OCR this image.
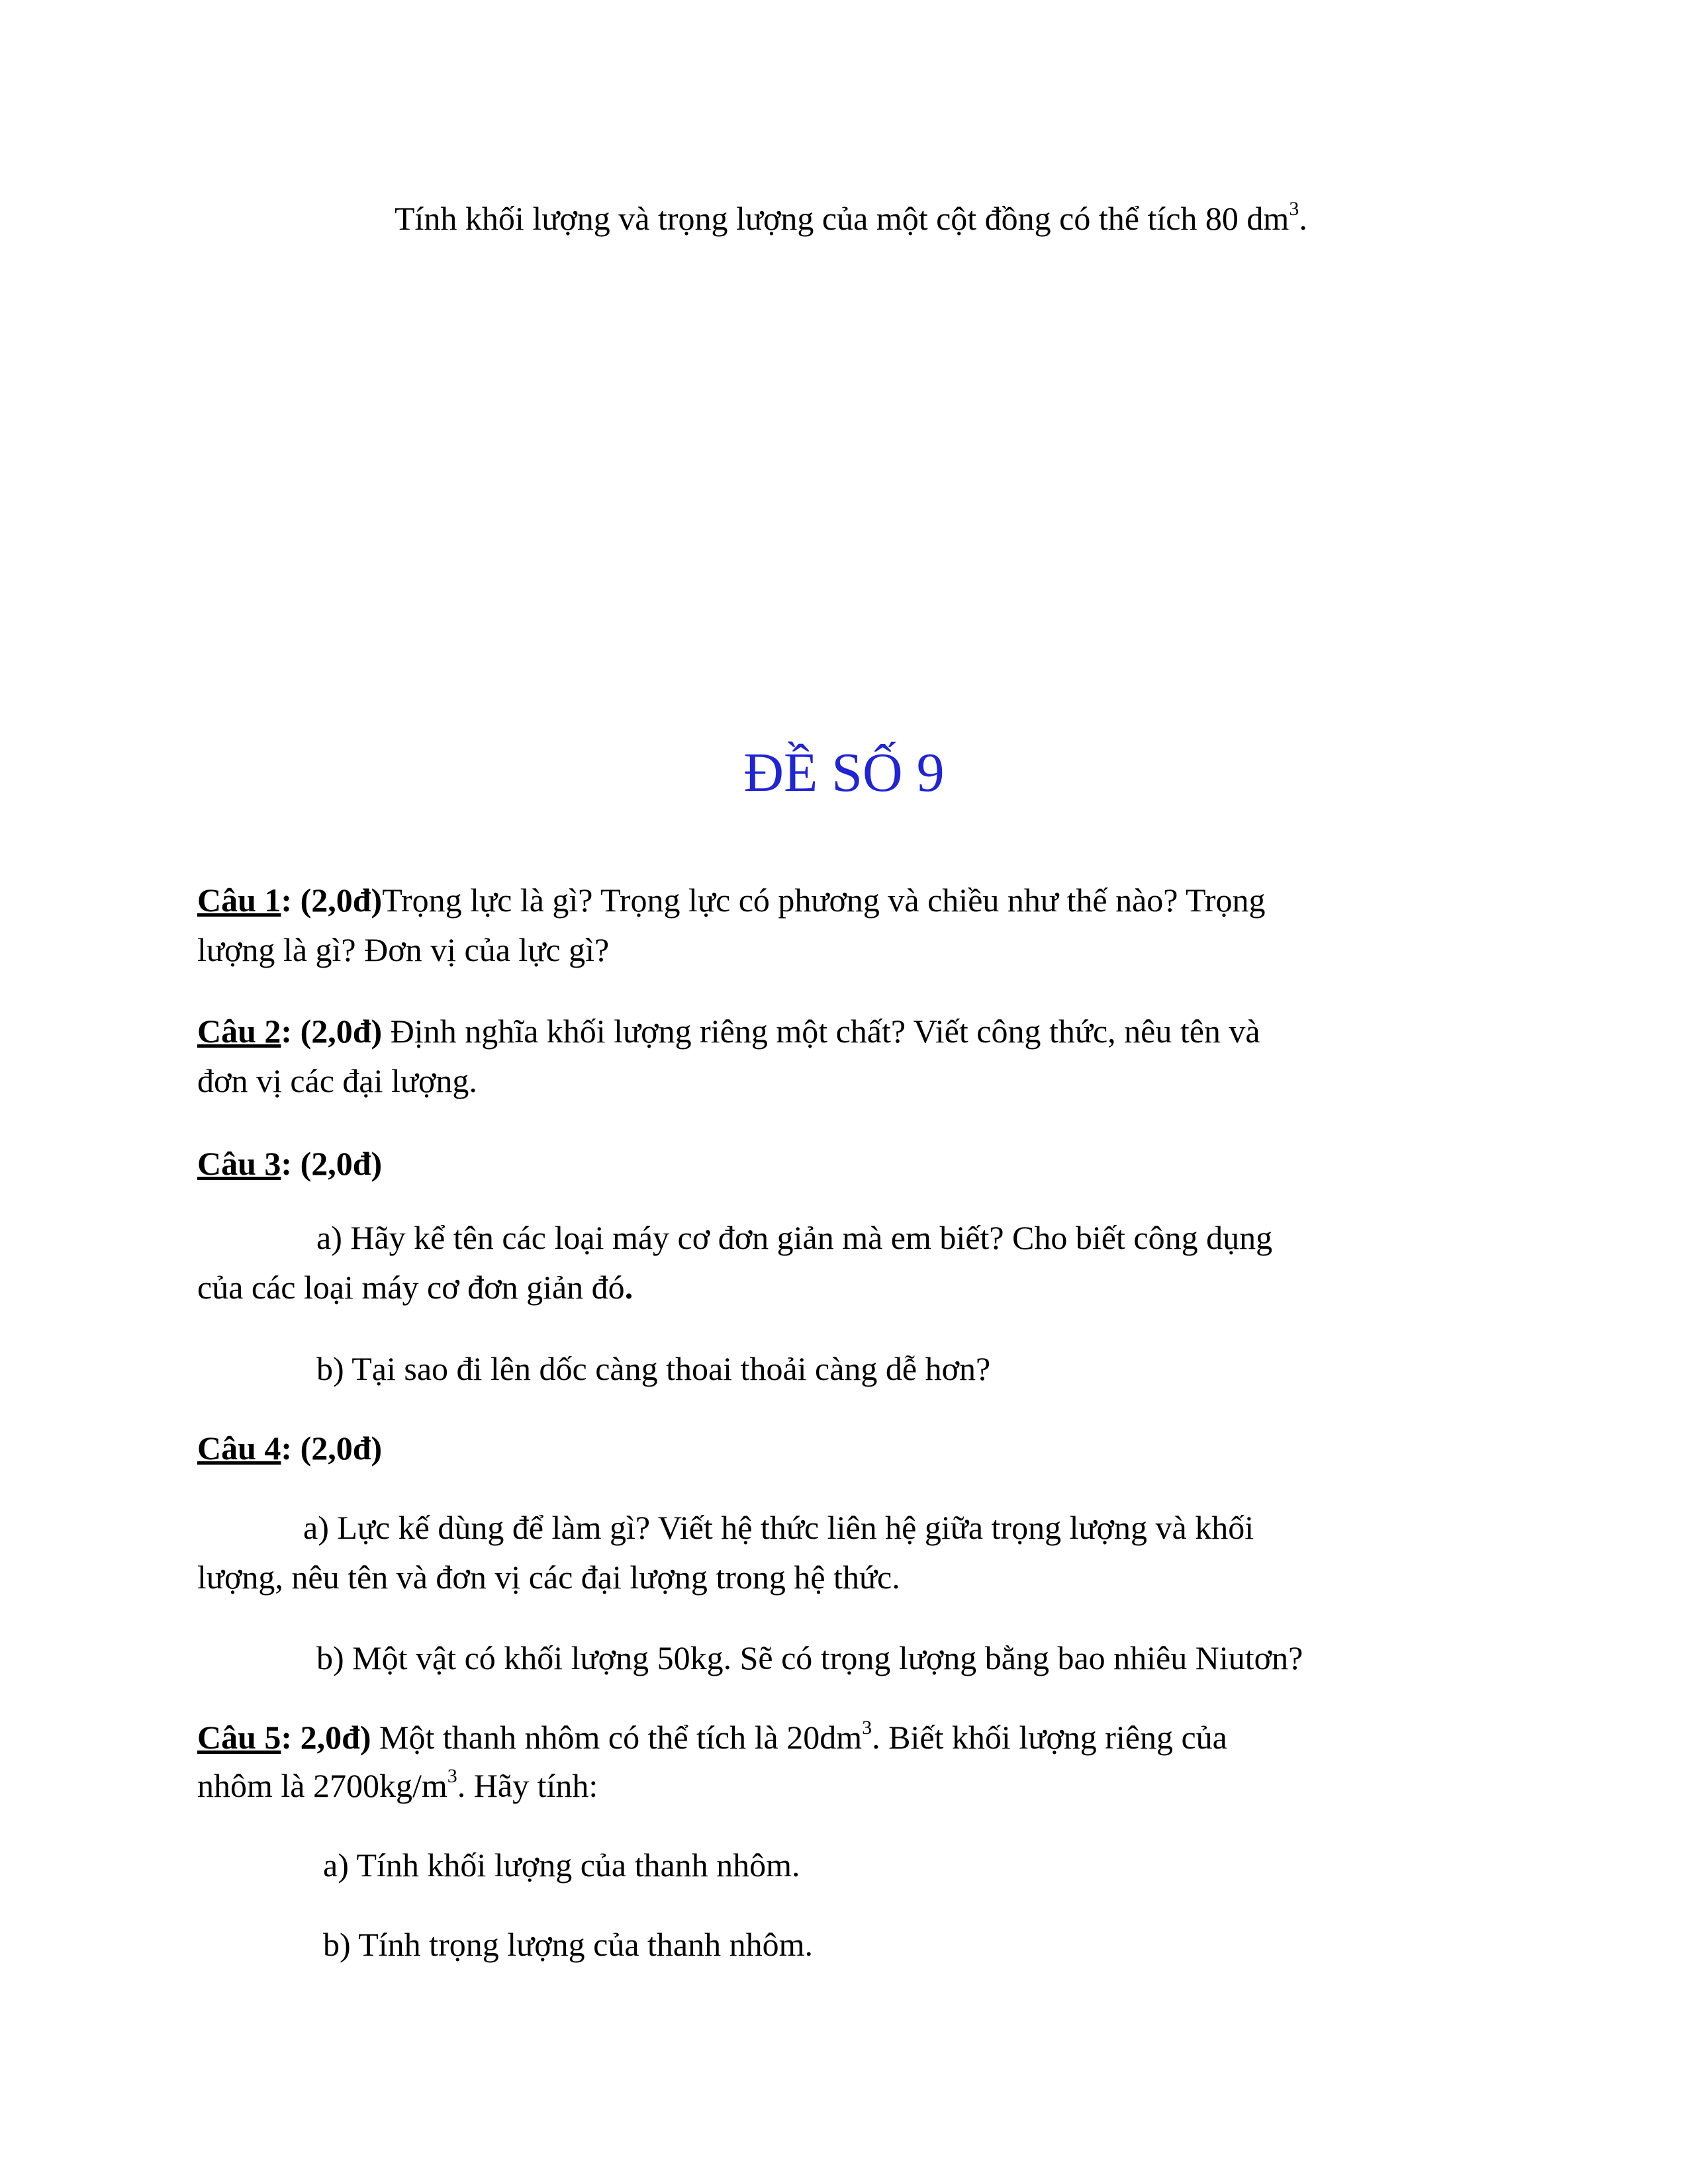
Tính khối lượng và trọng lượng của một cột đồng có thể tích 80 $dm^3$.
ĐỀ SỐ 9
Câu 1: (2,0đ)Trọng lực là gì? Trọng lực có phương và chiều như thế nào? Trọng
lượng là gì? Đơn vị của lực gì?
Câu 2: (2,0đ) Định nghĩa khối lượng riêng một chất? Viết công thức, nêu tên và
đơn vị các đại lượng.
Câu 3: (2,0đ)
a) Hãy kể tên các loại máy cơ đơn giản mà em biết? Cho biết công dụng
của các loại máy cơ đơn giản đó.
b) Tại sao đi lên dốc càng thoai thoải càng dễ hơn?
Câu 4: (2,0đ)
a) Lực kế dùng để làm gì? Viết hệ thức liên hệ giữa trọng lượng và khối
lượng, nêu tên và đơn vị các đại lượng trong hệ thức.
b) Một vật có khối lượng 50kg. Sẽ có trọng lượng bằng bao nhiêu Niutơn?
Câu 5: 2,0đ) Một thanh nhôm có thể tích là $20dm^3$. Biết khối lượng riêng của
nhôm là $2700kg/m^3$. Hãy tính:
a) Tính khối lượng của thanh nhôm.
b) Tính trọng lượng của thanh nhôm.
